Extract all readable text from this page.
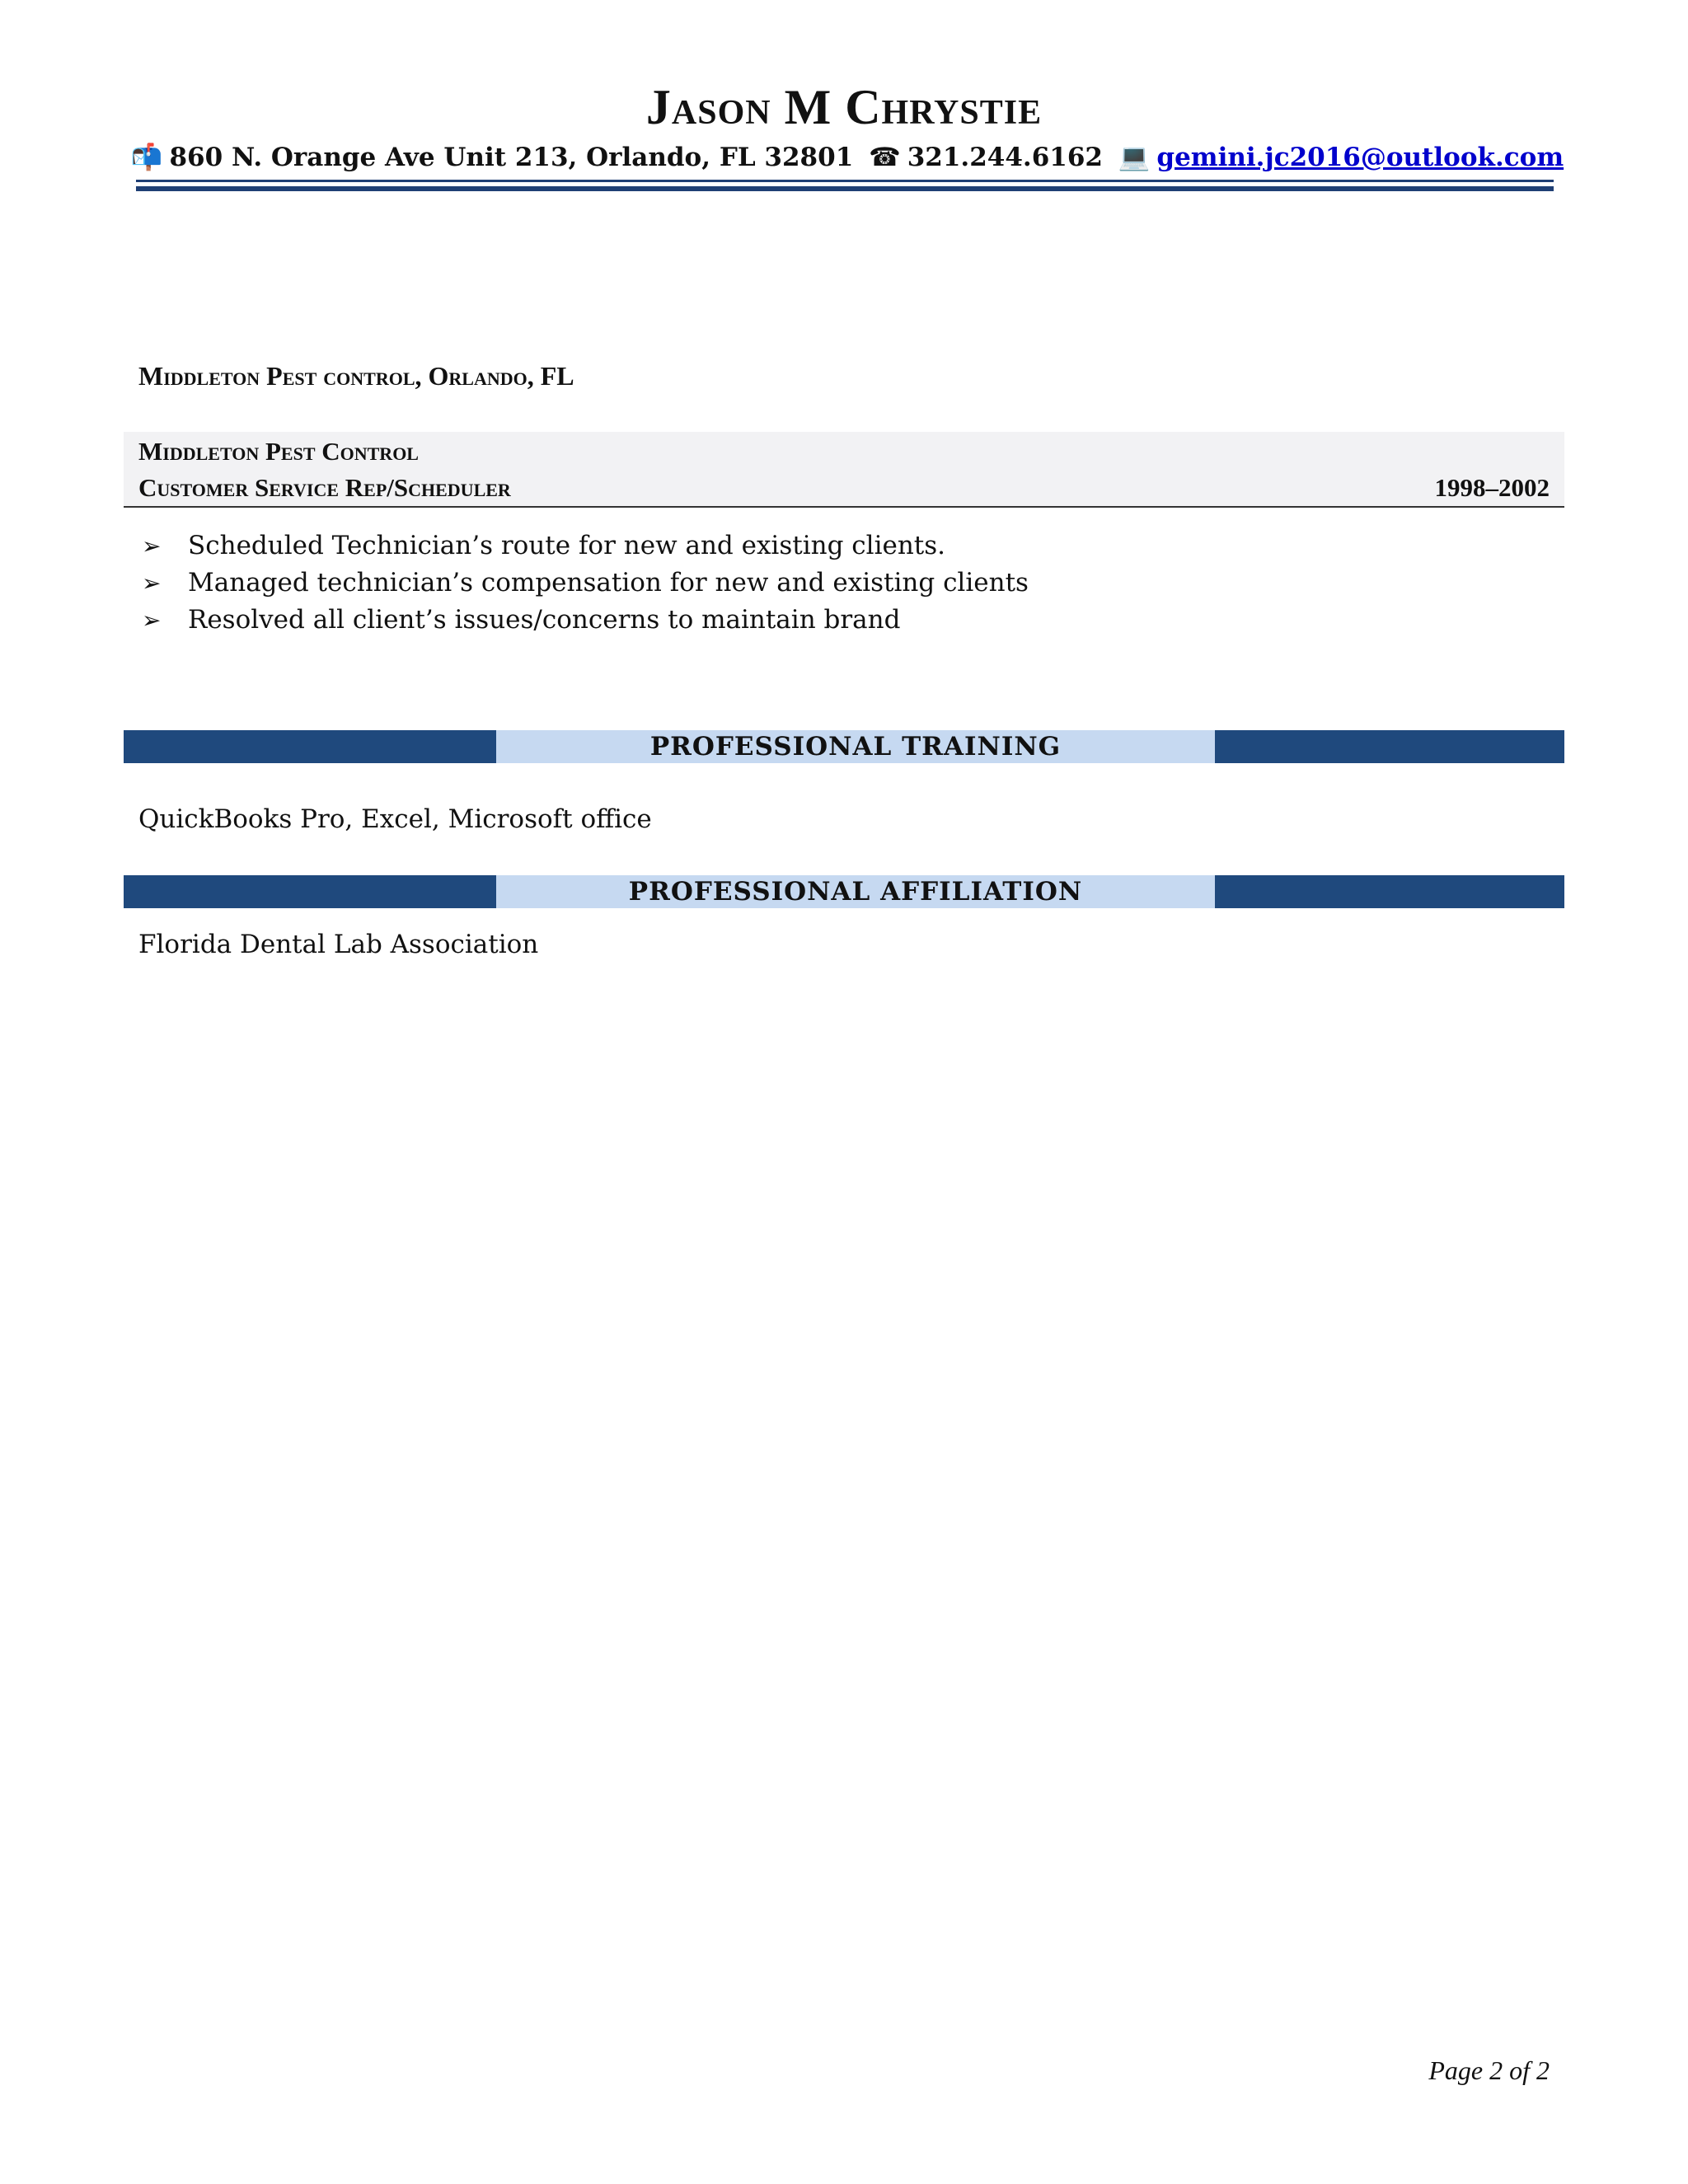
Jason M Chrystie
📬 860 N. Orange Ave Unit 213, Orlando, FL 32801 ☎ 321.244.6162 💻 gemini.jc2016@outlook.com
Middleton Pest control, Orlando, FL
Middleton Pest Control
Customer Service Rep/Scheduler	1998–2002
➢ Scheduled Technician’s route for new and existing clients.
➢ Managed technician’s compensation for new and existing clients
➢ Resolved all client’s issues/concerns to maintain brand
PROFESSIONAL TRAINING
QuickBooks Pro, Excel, Microsoft office
PROFESSIONAL AFFILIATION
Florida Dental Lab Association
Page 2 of 2
